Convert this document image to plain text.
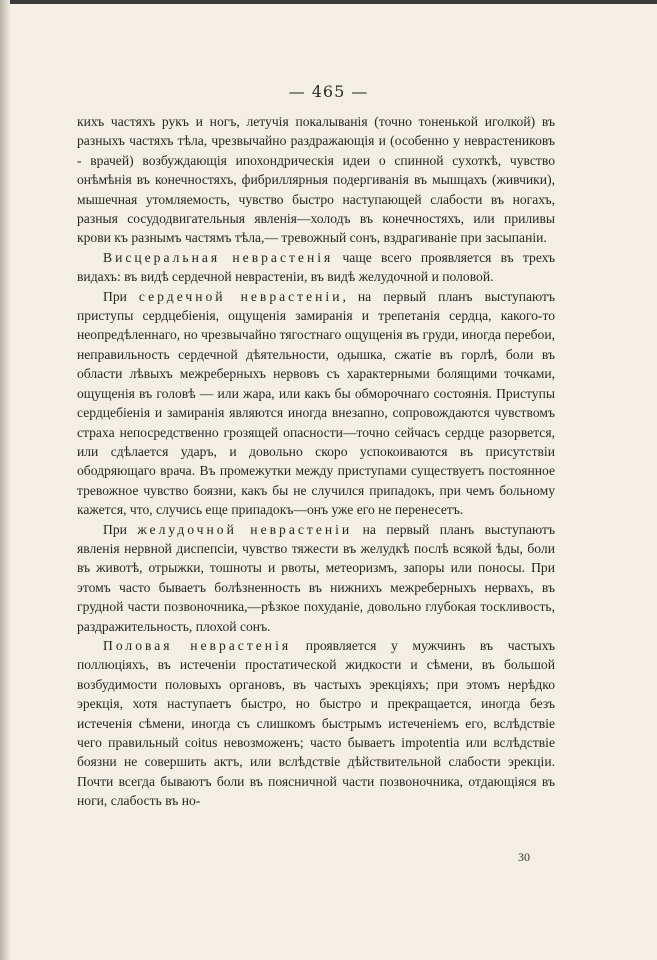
— 465 —

кихъ частяхъ рукъ и ногъ, летучія покалыванія (точно тоненькой иголкой) въ разныхъ частяхъ тѣла, чрезвычайно раздражающія и (особенно у неврастениковъ - врачей) возбуждающія ипохондрическія идеи о спинной сухоткѣ, чувство онѣмѣнія въ конечностяхъ, фибриллярныя подергиванія въ мышцахъ (живчики), мышечная утомляемость, чувство быстро наступающей слабости въ ногахъ, разныя сосудодвигательныя явленія—холодъ въ конечностяхъ, или приливы крови къ разнымъ частямъ тѣла,— тревожный сонъ, вздрагиваніе при засыпаніи.

Висцеральная неврастенія чаще всего проявляется въ трехъ видахъ: въ видѣ сердечной неврастеніи, въ видѣ желудочной и половой.

При сердечной неврастеніи, на первый планъ выступаютъ приступы сердцебіенія, ощущенія замиранія и трепетанія сердца, какого-то неопредѣленнаго, но чрезвычайно тягостнаго ощущенія въ груди, иногда перебои, неправильность сердечной дѣятельности, одышка, сжатіе въ горлѣ, боли въ области лѣвыхъ межреберныхъ нервовъ съ характерными болящими точками, ощущенія въ головѣ — или жара, или какъ бы обморочнаго состоянія. Приступы сердцебіенія и замиранія являются иногда внезапно, сопровождаются чувствомъ страха непосредственно грозящей опасности—точно сейчасъ сердце разорвется, или сдѣлается ударъ, и довольно скоро успокоиваются въ присутствіи ободряющаго врача. Въ промежутки между приступами существуетъ постоянное тревожное чувство боязни, какъ бы не случился припадокъ, при чемъ больному кажется, что, случись еще припадокъ—онъ уже его не перенесетъ.

При желудочной неврастеніи на первый планъ выступаютъ явленія нервной диспепсіи, чувство тяжести въ желудкѣ послѣ всякой ѣды, боли въ животѣ, отрыжки, тошноты и рвоты, метеоризмъ, запоры или поносы. При этомъ часто бываетъ болѣзненность въ нижнихъ межреберныхъ нервахъ, въ грудной части позвоночника,—рѣзкое похуданіе, довольно глубокая тоскливость, раздражительность, плохой сонъ.

Половая неврастенія проявляется у мужчинъ въ частыхъ поллюціяхъ, въ истеченіи простатической жидкости и сѣмени, въ большой возбудимости половыхъ органовъ, въ частыхъ эрекціяхъ; при этомъ нерѣдко эрекція, хотя наступаетъ быстро, но быстро и прекращается, иногда безъ истеченія сѣмени, иногда съ слишкомъ быстрымъ истеченіемъ его, вслѣдствіе чего правильный coitus невозможенъ; часто бываетъ impotentia или вслѣдствіе боязни не совершить актъ, или вслѣдствіе дѣйствительной слабости эрекціи. Почти всегда бываютъ боли въ поясничной части позвоночника, отдающіяся въ ноги, слабость въ но-

30
